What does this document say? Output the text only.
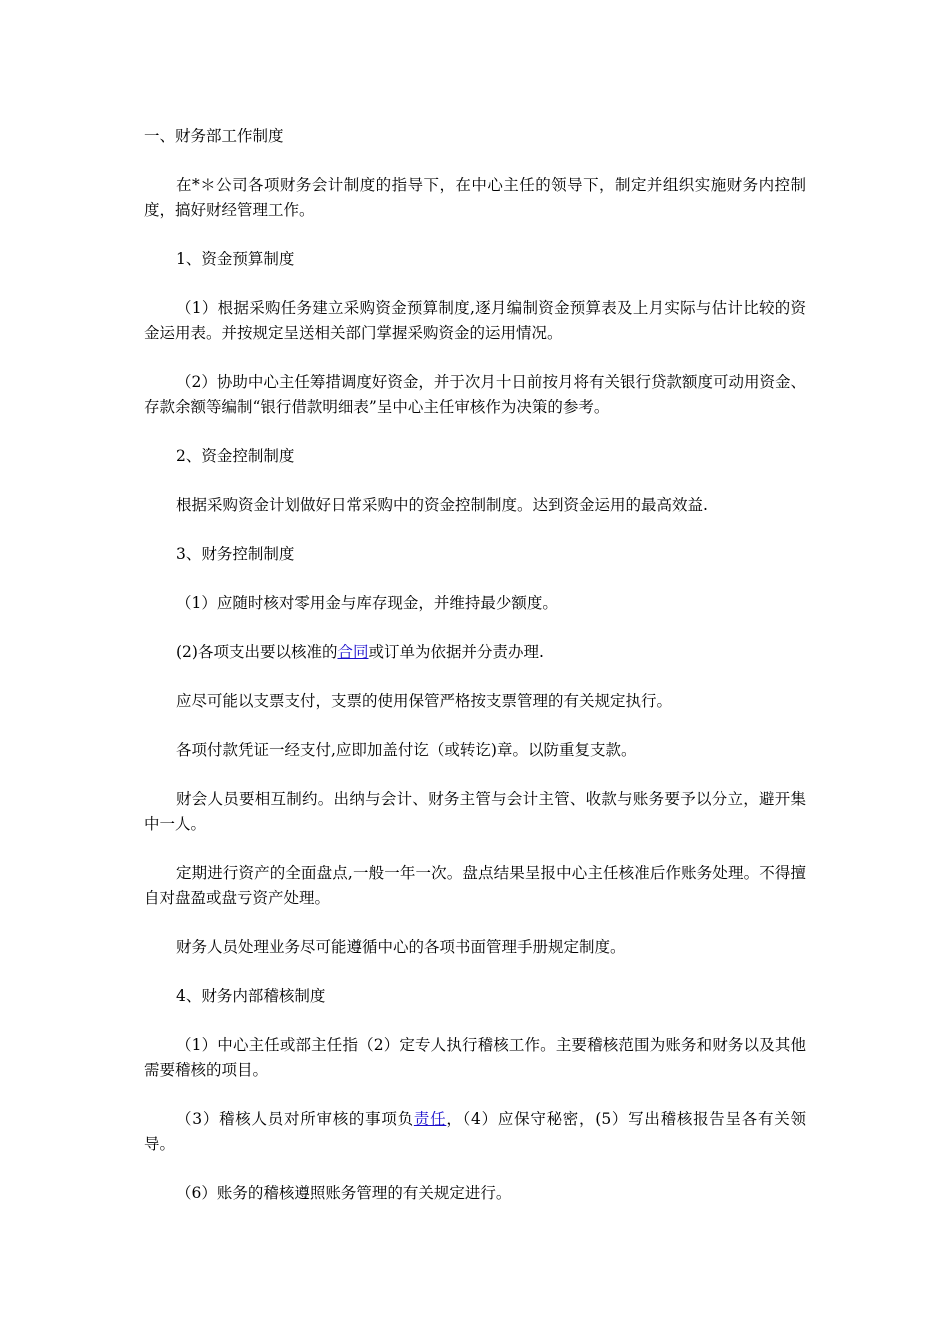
一、财务部工作制度

在*＊公司各项财务会计制度的指导下，在中心主任的领导下，制定并组织实施财务内控制度，搞好财经管理工作。

1、资金预算制度

（1）根据采购任务建立采购资金预算制度,逐月编制资金预算表及上月实际与估计比较的资金运用表。并按规定呈送相关部门掌握采购资金的运用情况。

（2）协助中心主任筹措调度好资金，并于次月十日前按月将有关银行贷款额度可动用资金、存款余额等编制“银行借款明细表”呈中心主任审核作为决策的参考。

2、资金控制制度

根据采购资金计划做好日常采购中的资金控制制度。达到资金运用的最高效益.

3、财务控制制度

（1）应随时核对零用金与库存现金，并维持最少额度。

(2)各项支出要以核准的合同或订单为依据并分责办理.

应尽可能以支票支付，支票的使用保管严格按支票管理的有关规定执行。

各项付款凭证一经支付,应即加盖付讫（或转讫)章。以防重复支款。

财会人员要相互制约。出纳与会计、财务主管与会计主管、收款与账务要予以分立，避开集中一人。

定期进行资产的全面盘点,一般一年一次。盘点结果呈报中心主任核准后作账务处理。不得擅自对盘盈或盘亏资产处理。

财务人员处理业务尽可能遵循中心的各项书面管理手册规定制度。

4、财务内部稽核制度

（1）中心主任或部主任指（2）定专人执行稽核工作。主要稽核范围为账务和财务以及其他需要稽核的项目。

（3）稽核人员对所审核的事项负责任，（4）应保守秘密，(5）写出稽核报告呈各有关领导。

（6）账务的稽核遵照账务管理的有关规定进行。
